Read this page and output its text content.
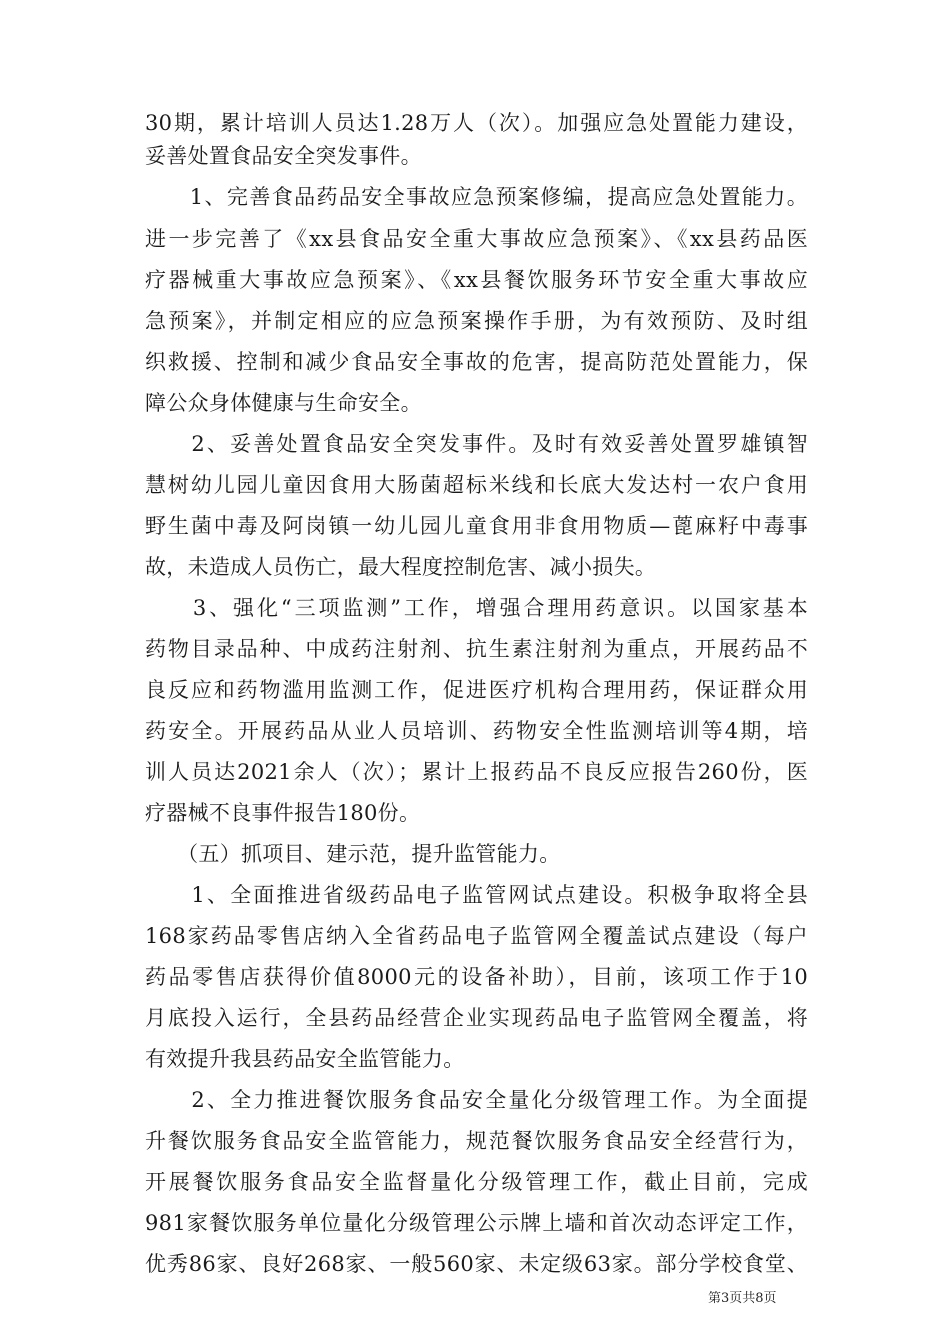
30期，累计培训人员达1.28万人（次）。加强应急处置能力建设，
妥善处置食品安全突发事件。
　　1、完善食品药品安全事故应急预案修编，提高应急处置能力。
进一步完善了《xx县食品安全重大事故应急预案》、《xx县药品医
疗器械重大事故应急预案》、《xx县餐饮服务环节安全重大事故应
急预案》，并制定相应的应急预案操作手册，为有效预防、及时组
织救援、控制和减少食品安全事故的危害，提高防范处置能力，保
障公众身体健康与生命安全。
　　2、妥善处置食品安全突发事件。及时有效妥善处置罗雄镇智
慧树幼儿园儿童因食用大肠菌超标米线和长底大发达村一农户食用
野生菌中毒及阿岗镇一幼儿园儿童食用非食用物质—蓖麻籽中毒事
故，未造成人员伤亡，最大程度控制危害、减小损失。
　　3、强化“三项监测”工作，增强合理用药意识。以国家基本
药物目录品种、中成药注射剂、抗生素注射剂为重点，开展药品不
良反应和药物滥用监测工作，促进医疗机构合理用药，保证群众用
药安全。开展药品从业人员培训、药物安全性监测培训等4期，培
训人员达2021余人（次）；累计上报药品不良反应报告260份，医
疗器械不良事件报告180份。
　　（五）抓项目、建示范，提升监管能力。
　　1、全面推进省级药品电子监管网试点建设。积极争取将全县
168家药品零售店纳入全省药品电子监管网全覆盖试点建设（每户
药品零售店获得价值8000元的设备补助），目前，该项工作于10
月底投入运行，全县药品经营企业实现药品电子监管网全覆盖，将
有效提升我县药品安全监管能力。
　　2、全力推进餐饮服务食品安全量化分级管理工作。为全面提
升餐饮服务食品安全监管能力，规范餐饮服务食品安全经营行为，
开展餐饮服务食品安全监督量化分级管理工作，截止目前，完成
981家餐饮服务单位量化分级管理公示牌上墙和首次动态评定工作，
优秀86家、良好268家、一般560家、未定级63家。部分学校食堂、
第3页共8页
